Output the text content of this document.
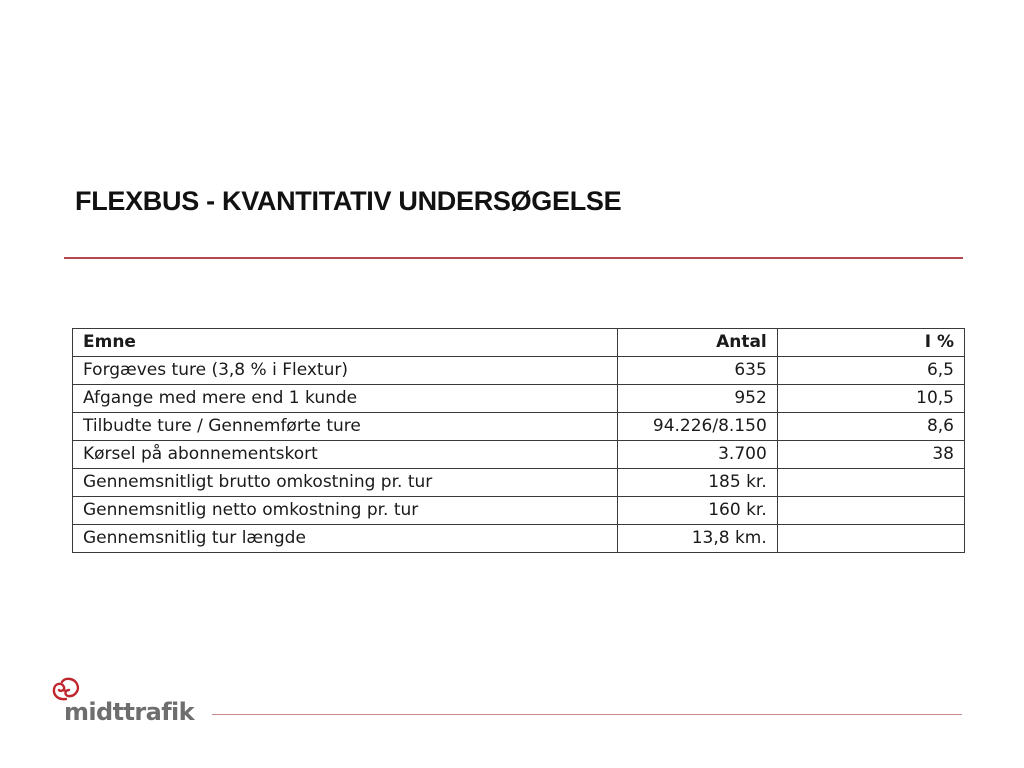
FLEXBUS - KVANTITATIV UNDERSØGELSE
Emne	Antal	I %
Forgæves ture (3,8 % i Flextur)	635	6,5
Afgange med mere end 1 kunde	952	10,5
Tilbudte ture / Gennemførte ture	94.226/8.150	8,6
Kørsel på abonnementskort	3.700	38
Gennemsnitligt brutto omkostning pr. tur	185 kr.	
Gennemsnitlig netto omkostning pr. tur	160 kr.	
Gennemsnitlig tur længde	13,8 km.	
midttrafik
